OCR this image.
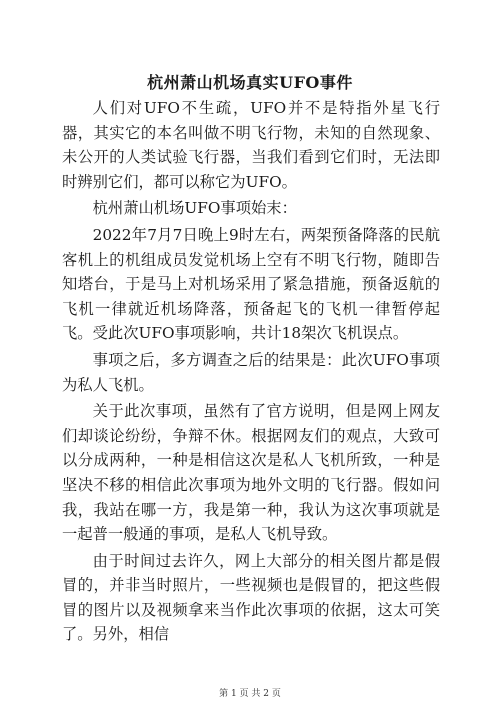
杭州萧山机场真实UFO事件

人们对UFO不生疏，UFO并不是特指外星飞行器，其实它的本名叫做不明飞行物，未知的自然现象、未公开的人类试验飞行器，当我们看到它们时，无法即时辨别它们，都可以称它为UFO。

杭州萧山机场UFO事项始末：

2022年7月7日晚上9时左右，两架预备降落的民航客机上的机组成员发觉机场上空有不明飞行物，随即告知塔台，于是马上对机场采用了紧急措施，预备返航的飞机一律就近机场降落，预备起飞的飞机一律暂停起飞。受此次UFO事项影响，共计18架次飞机误点。

事项之后，多方调查之后的结果是：此次UFO事项为私人飞机。

关于此次事项，虽然有了官方说明，但是网上网友们却谈论纷纷，争辩不休。根据网友们的观点，大致可以分成两种，一种是相信这次是私人飞机所致，一种是坚决不移的相信此次事项为地外文明的飞行器。假如问我，我站在哪一方，我是第一种，我认为这次事项就是一起普一般通的事项，是私人飞机导致。

由于时间过去许久，网上大部分的相关图片都是假冒的，并非当时照片，一些视频也是假冒的，把这些假冒的图片以及视频拿来当作此次事项的依据，这太可笑了。另外，相信

第 1 页 共 2 页
